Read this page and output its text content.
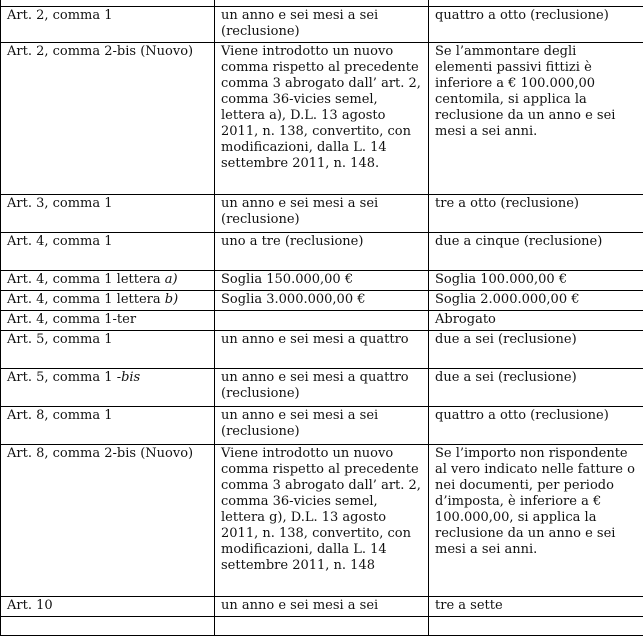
Art. 2, comma 1	un anno e sei mesi a sei (reclusione)	quattro a otto (reclusione)
Art. 2, comma 2-bis (Nuovo)	Viene introdotto un nuovo comma rispetto al precedente comma 3 abrogato dall’ art. 2, comma 36-vicies semel, lettera a), D.L. 13 agosto 2011, n. 138, convertito, con modificazioni, dalla L. 14 settembre 2011, n. 148.	Se l’ammontare degli elementi passivi fittizi è inferiore a € 100.000,00 centomila, si applica la reclusione da un anno e sei mesi a sei anni.
Art. 3, comma 1	un anno e sei mesi a sei (reclusione)	tre a otto (reclusione)
Art. 4, comma 1	uno a tre (reclusione)	due a cinque (reclusione)
Art. 4, comma 1 lettera a)	Soglia 150.000,00 €	Soglia 100.000,00 €
Art. 4, comma 1 lettera b)	Soglia 3.000.000,00 €	Soglia 2.000.000,00 €
Art. 4, comma 1-ter		Abrogato
Art. 5, comma 1	un anno e sei mesi a quattro	due a sei (reclusione)
Art. 5, comma 1 -bis	un anno e sei mesi a quattro (reclusione)	due a sei (reclusione)
Art. 8, comma 1	un anno e sei mesi a sei (reclusione)	quattro a otto (reclusione)
Art. 8, comma 2-bis (Nuovo)	Viene introdotto un nuovo comma rispetto al precedente comma 3 abrogato dall’ art. 2, comma 36-vicies semel, lettera g), D.L. 13 agosto 2011, n. 138, convertito, con modificazioni, dalla L. 14 settembre 2011, n. 148	Se l’importo non rispondente al vero indicato nelle fatture o nei documenti, per periodo d’imposta, è inferiore a € 100.000,00, si applica la reclusione da un anno e sei mesi a sei anni.
Art. 10	un anno e sei mesi a sei	tre a sette
